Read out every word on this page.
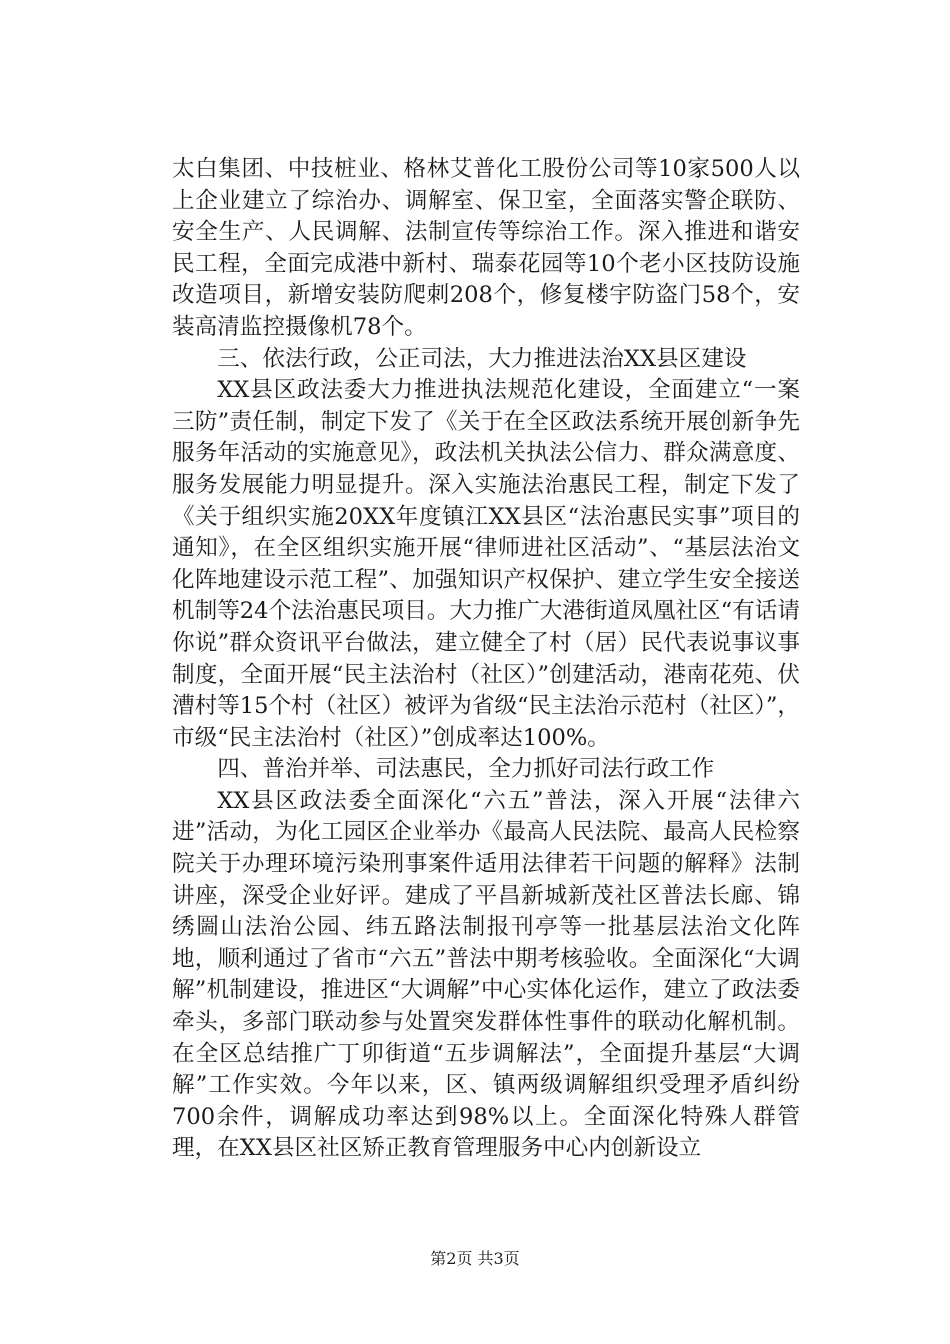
太白集团、中技桩业、格林艾普化工股份公司等10家500人以上企业建立了综治办、调解室、保卫室，全面落实警企联防、安全生产、人民调解、法制宣传等综治工作。深入推进和谐安民工程，全面完成港中新村、瑞泰花园等10个老小区技防设施改造项目，新增安装防爬刺208个，修复楼宇防盗门58个，安装高清监控摄像机78个。

三、依法行政，公正司法，大力推进法治XX县区建设

XX县区政法委大力推进执法规范化建设，全面建立“一案三防”责任制，制定下发了《关于在全区政法系统开展创新争先服务年活动的实施意见》，政法机关执法公信力、群众满意度、服务发展能力明显提升。深入实施法治惠民工程，制定下发了《关于组织实施20XX年度镇江XX县区“法治惠民实事”项目的通知》，在全区组织实施开展“律师进社区活动”、“基层法治文化阵地建设示范工程”、加强知识产权保护、建立学生安全接送机制等24个法治惠民项目。大力推广大港街道凤凰社区“有话请你说”群众资讯平台做法，建立健全了村（居）民代表说事议事制度，全面开展“民主法治村（社区）”创建活动，港南花苑、伏漕村等15个村（社区）被评为省级“民主法治示范村（社区）”，市级“民主法治村（社区）”创成率达100%。

四、普治并举、司法惠民，全力抓好司法行政工作

XX县区政法委全面深化“六五”普法，深入开展“法律六进”活动，为化工园区企业举办《最高人民法院、最高人民检察院关于办理环境污染刑事案件适用法律若干问题的解释》法制讲座，深受企业好评。建成了平昌新城新茂社区普法长廊、锦绣圌山法治公园、纬五路法制报刊亭等一批基层法治文化阵地，顺利通过了省市“六五”普法中期考核验收。全面深化“大调解”机制建设，推进区“大调解”中心实体化运作，建立了政法委牵头，多部门联动参与处置突发群体性事件的联动化解机制。在全区总结推广丁卯街道“五步调解法”，全面提升基层“大调解”工作实效。今年以来，区、镇两级调解组织受理矛盾纠纷700余件，调解成功率达到98%以上。全面深化特殊人群管理，在XX县区社区矫正教育管理服务中心内创新设立

第2页 共3页
